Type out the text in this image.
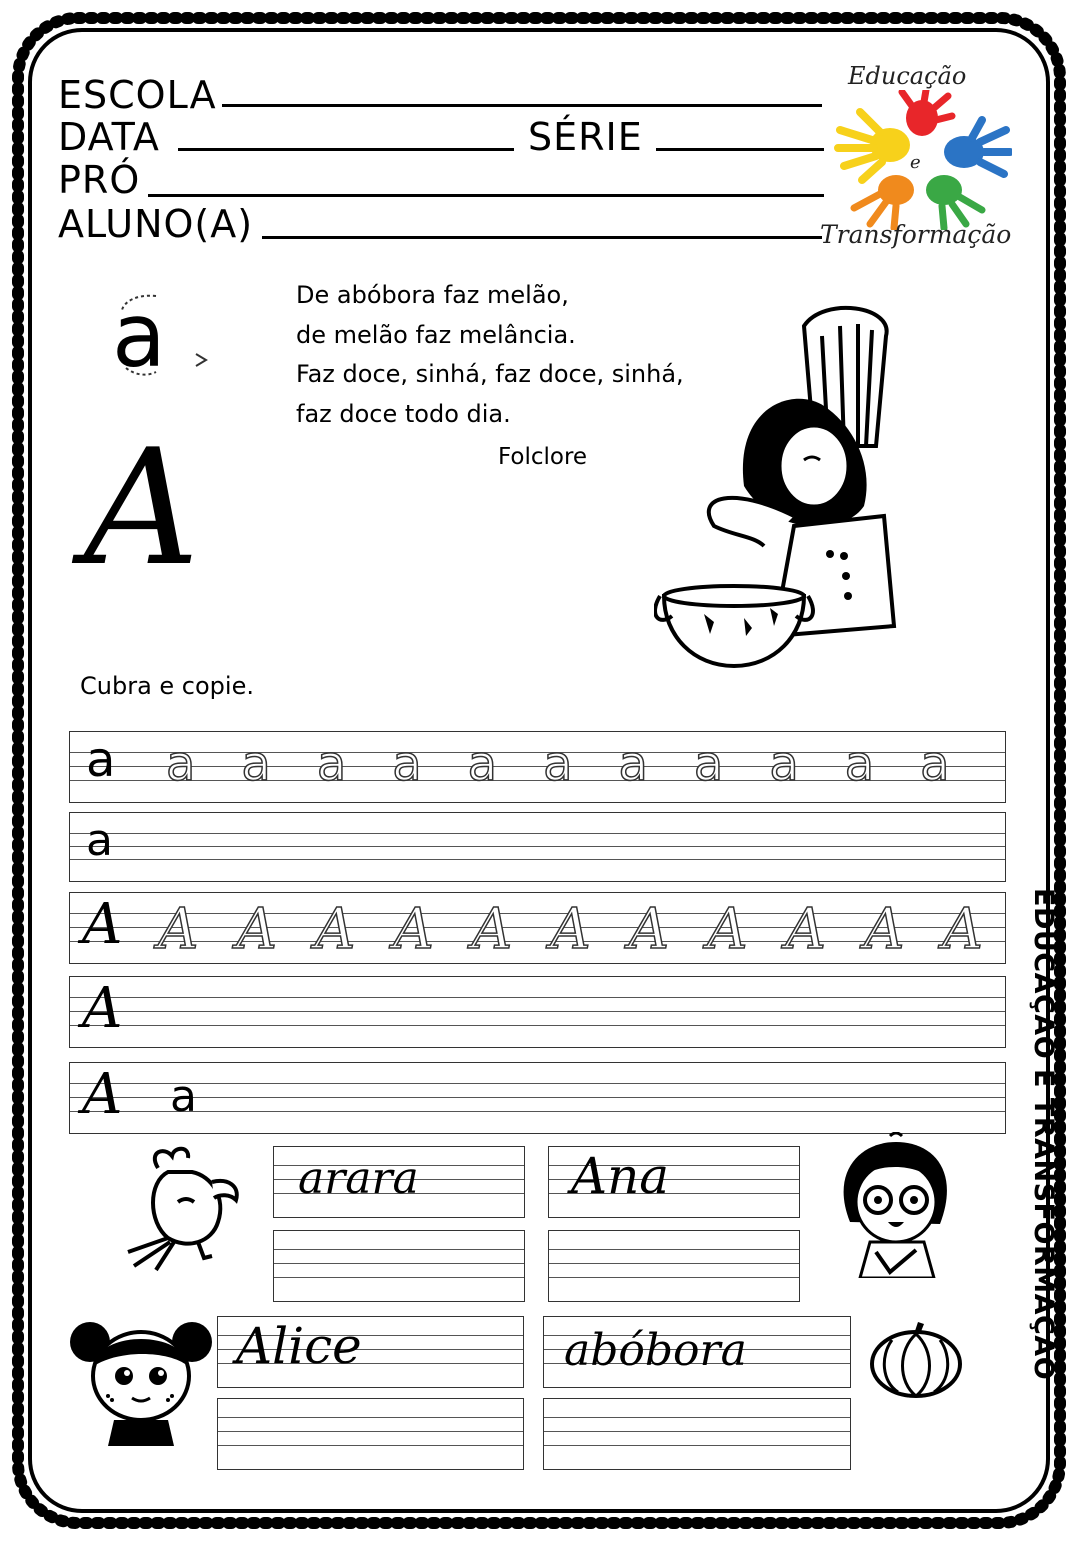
ESCOLA
DATA	SÉRIE
PRÓ
ALUNO(A)
Educação
e
Transformação
a
A
De abóbora faz melão,
de melão faz melância.
Faz doce, sinhá, faz doce, sinhá,
faz doce todo dia.
Folclore
Cubra e copie.
a aaaaaaaaaaa
a
A AAAAAAAAAAA
A
A a
arara	Ana
Alice	abóbora	EDUCAÇÃO E TRANSFORMAÇÃO
